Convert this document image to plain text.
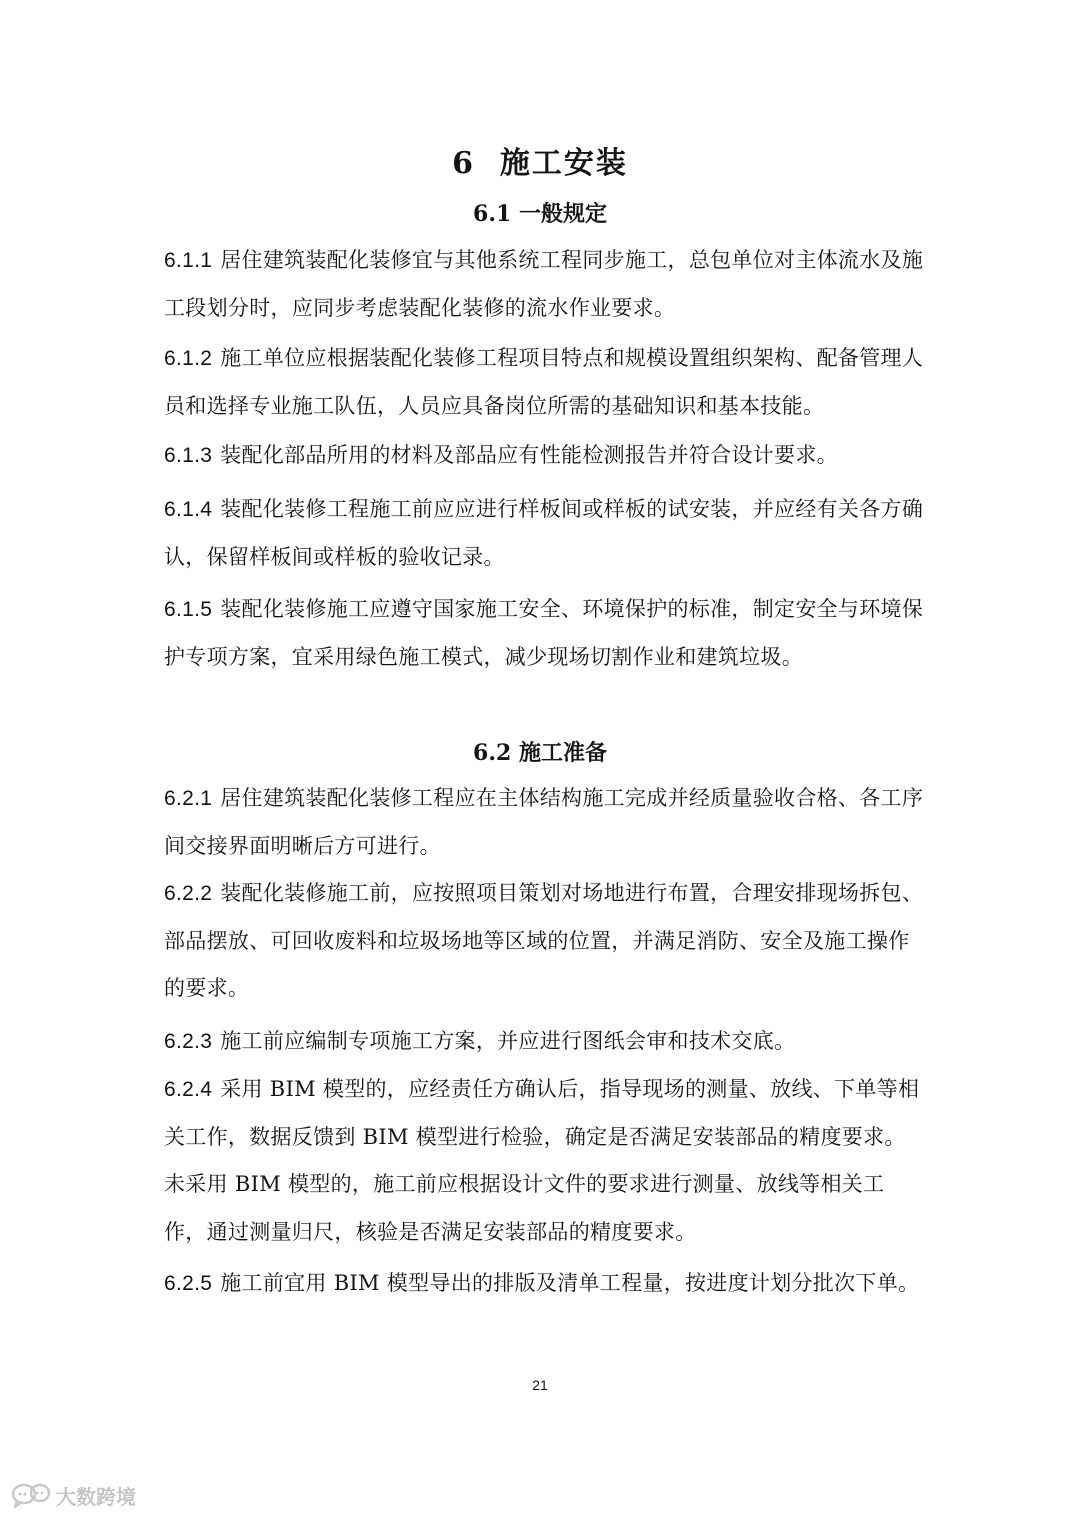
6  施工安装
6.1 一般规定
6.1.1 居住建筑装配化装修宜与其他系统工程同步施工，总包单位对主体流水及施工段划分时，应同步考虑装配化装修的流水作业要求。
6.1.2 施工单位应根据装配化装修工程项目特点和规模设置组织架构、配备管理人员和选择专业施工队伍，人员应具备岗位所需的基础知识和基本技能。
6.1.3 装配化部品所用的材料及部品应有性能检测报告并符合设计要求。
6.1.4 装配化装修工程施工前应应进行样板间或样板的试安装，并应经有关各方确认，保留样板间或样板的验收记录。
6.1.5 装配化装修施工应遵守国家施工安全、环境保护的标准，制定安全与环境保护专项方案，宜采用绿色施工模式，减少现场切割作业和建筑垃圾。
6.2 施工准备
6.2.1 居住建筑装配化装修工程应在主体结构施工完成并经质量验收合格、各工序间交接界面明晰后方可进行。
6.2.2 装配化装修施工前，应按照项目策划对场地进行布置，合理安排现场拆包、部品摆放、可回收废料和垃圾场地等区域的位置，并满足消防、安全及施工操作的要求。
6.2.3 施工前应编制专项施工方案，并应进行图纸会审和技术交底。
6.2.4 采用 BIM 模型的，应经责任方确认后，指导现场的测量、放线、下单等相关工作，数据反馈到 BIM 模型进行检验，确定是否满足安装部品的精度要求。未采用 BIM 模型的，施工前应根据设计文件的要求进行测量、放线等相关工作，通过测量归尺，核验是否满足安装部品的精度要求。
6.2.5 施工前宜用 BIM 模型导出的排版及清单工程量，按进度计划分批次下单。
21
大数跨境
